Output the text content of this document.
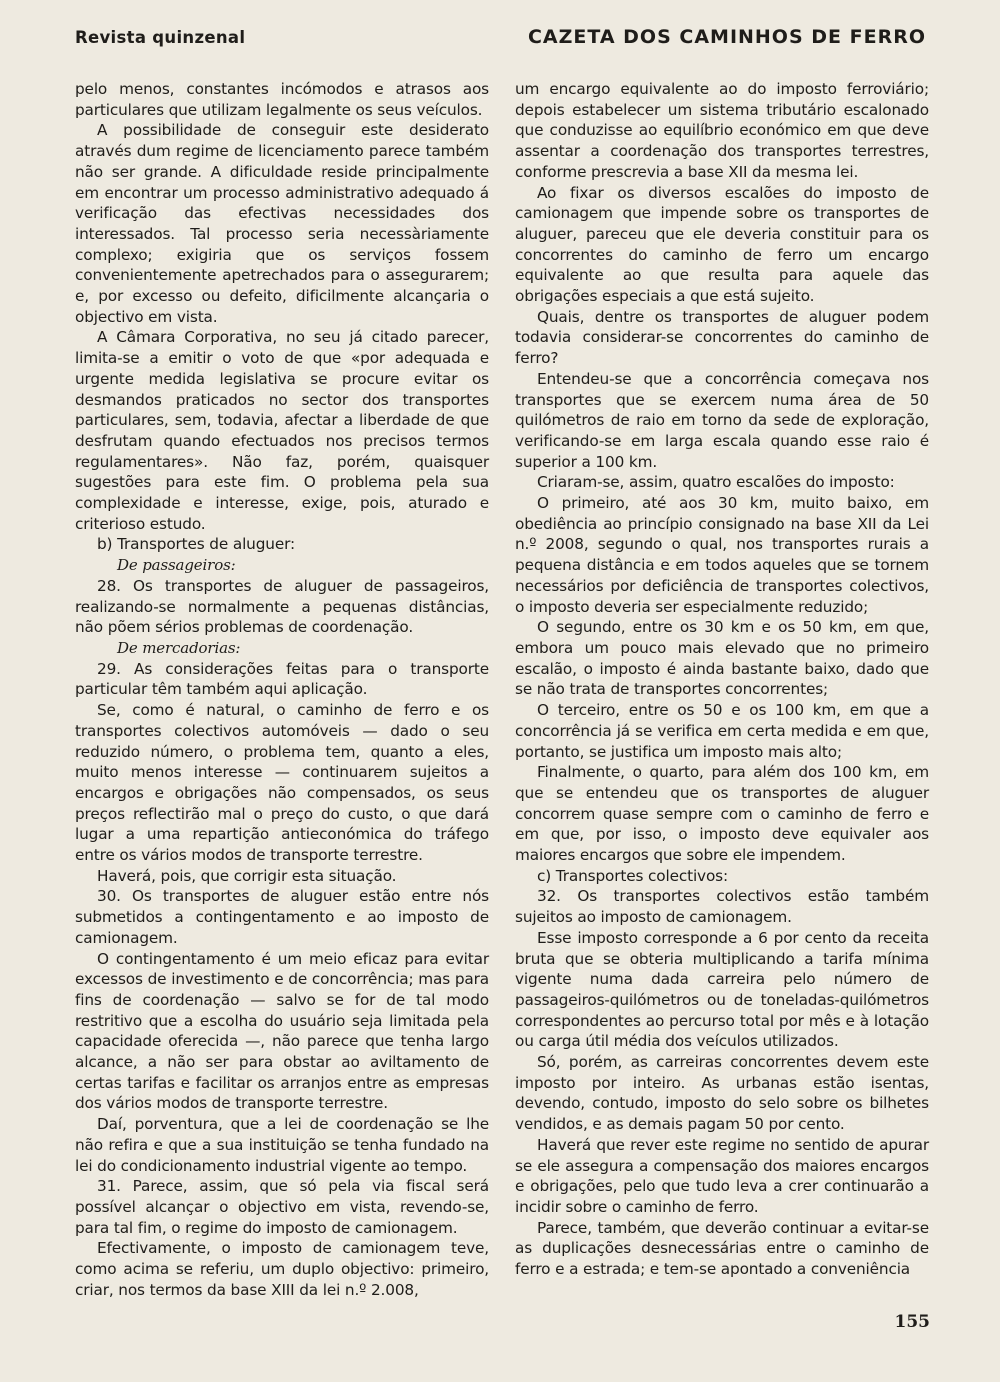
Revista quinzenal	CAZETA DOS CAMINHOS DE FERRO

pelo menos, constantes incómodos e atrasos aos particulares que utilizam legalmente os seus veículos.

A possibilidade de conseguir este desiderato através dum regime de licenciamento parece também não ser grande. A dificuldade reside principalmente em encontrar um processo administrativo adequado á verificação das efectivas necessidades dos interessados. Tal processo seria necessàriamente complexo; exigiria que os serviços fossem convenientemente apetrechados para o assegurarem; e, por excesso ou defeito, dificilmente alcançaria o objectivo em vista.

A Câmara Corporativa, no seu já citado parecer, limita-se a emitir o voto de que «por adequada e urgente medida legislativa se procure evitar os desmandos praticados no sector dos transportes particulares, sem, todavia, afectar a liberdade de que desfrutam quando efectuados nos precisos termos regulamentares». Não faz, porém, quaisquer sugestões para este fim. O problema pela sua complexidade e interesse, exige, pois, aturado e criterioso estudo.

b) Transportes de aluguer:

De passageiros:

28. Os transportes de aluguer de passageiros, realizando-se normalmente a pequenas distâncias, não põem sérios problemas de coordenação.

De mercadorias:

29. As considerações feitas para o transporte particular têm também aqui aplicação.

Se, como é natural, o caminho de ferro e os transportes colectivos automóveis — dado o seu reduzido número, o problema tem, quanto a eles, muito menos interesse — continuarem sujeitos a encargos e obrigações não compensados, os seus preços reflectirão mal o preço do custo, o que dará lugar a uma repartição antieconómica do tráfego entre os vários modos de transporte terrestre.

Haverá, pois, que corrigir esta situação.

30. Os transportes de aluguer estão entre nós submetidos a contingentamento e ao imposto de camionagem.

O contingentamento é um meio eficaz para evitar excessos de investimento e de concorrência; mas para fins de coordenação — salvo se for de tal modo restritivo que a escolha do usuário seja limitada pela capacidade oferecida —, não parece que tenha largo alcance, a não ser para obstar ao aviltamento de certas tarifas e facilitar os arranjos entre as empresas dos vários modos de transporte terrestre.

Daí, porventura, que a lei de coordenação se lhe não refira e que a sua instituição se tenha fundado na lei do condicionamento industrial vigente ao tempo.

31. Parece, assim, que só pela via fiscal será possível alcançar o objectivo em vista, revendo-se, para tal fim, o regime do imposto de camionagem.

Efectivamente, o imposto de camionagem teve, como acima se referiu, um duplo objectivo: primeiro, criar, nos termos da base XIII da lei n.º 2.008,

um encargo equivalente ao do imposto ferroviário; depois estabelecer um sistema tributário escalonado que conduzisse ao equilíbrio económico em que deve assentar a coordenação dos transportes terrestres, conforme prescrevia a base XII da mesma lei.

Ao fixar os diversos escalões do imposto de camionagem que impende sobre os transportes de aluguer, pareceu que ele deveria constituir para os concorrentes do caminho de ferro um encargo equivalente ao que resulta para aquele das obrigações especiais a que está sujeito.

Quais, dentre os transportes de aluguer podem todavia considerar-se concorrentes do caminho de ferro?

Entendeu-se que a concorrência começava nos transportes que se exercem numa área de 50 quilómetros de raio em torno da sede de exploração, verificando-se em larga escala quando esse raio é superior a 100 km.

Criaram-se, assim, quatro escalões do imposto:

O primeiro, até aos 30 km, muito baixo, em obediência ao princípio consignado na base XII da Lei n.º 2008, segundo o qual, nos transportes rurais a pequena distância e em todos aqueles que se tornem necessários por deficiência de transportes colectivos, o imposto deveria ser especialmente reduzido;

O segundo, entre os 30 km e os 50 km, em que, embora um pouco mais elevado que no primeiro escalão, o imposto é ainda bastante baixo, dado que se não trata de transportes concorrentes;

O terceiro, entre os 50 e os 100 km, em que a concorrência já se verifica em certa medida e em que, portanto, se justifica um imposto mais alto;

Finalmente, o quarto, para além dos 100 km, em que se entendeu que os transportes de aluguer concorrem quase sempre com o caminho de ferro e em que, por isso, o imposto deve equivaler aos maiores encargos que sobre ele impendem.

c) Transportes colectivos:

32. Os transportes colectivos estão também sujeitos ao imposto de camionagem.

Esse imposto corresponde a 6 por cento da receita bruta que se obteria multiplicando a tarifa mínima vigente numa dada carreira pelo número de passageiros-quilómetros ou de toneladas-quilómetros correspondentes ao percurso total por mês e à lotação ou carga útil média dos veículos utilizados.

Só, porém, as carreiras concorrentes devem este imposto por inteiro. As urbanas estão isentas, devendo, contudo, imposto do selo sobre os bilhetes vendidos, e as demais pagam 50 por cento.

Haverá que rever este regime no sentido de apurar se ele assegura a compensação dos maiores encargos e obrigações, pelo que tudo leva a crer continuarão a incidir sobre o caminho de ferro.

Parece, também, que deverão continuar a evitar-se as duplicações desnecessárias entre o caminho de ferro e a estrada; e tem-se apontado a conveniência

155
